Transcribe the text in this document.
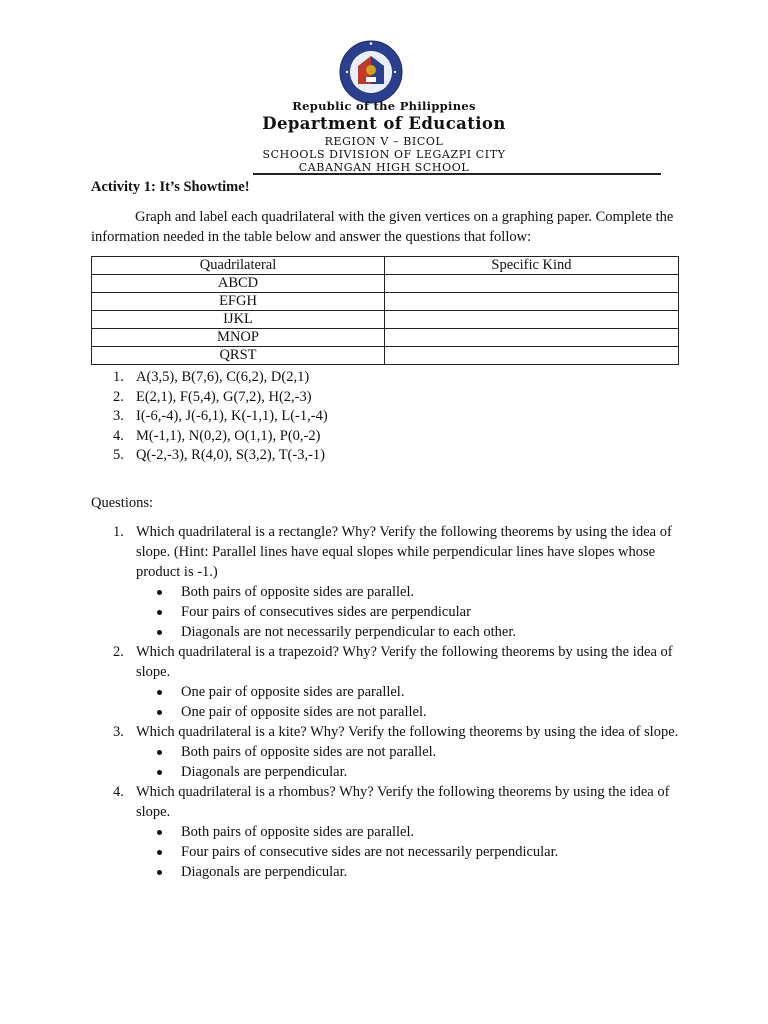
Republic of the Philippines
Department of Education
REGION V – BICOL
SCHOOLS DIVISION OF LEGAZPI CITY
CABANGAN HIGH SCHOOL
Activity 1: It’s Showtime!
Graph and label each quadrilateral with the given vertices on a graphing paper. Complete the information needed in the table below and answer the questions that follow:
Quadrilateral	Specific Kind
ABCD	
EFGH	
IJKL	
MNOP	
QRST	
1. A(3,5), B(7,6), C(6,2), D(2,1)
2. E(2,1), F(5,4), G(7,2), H(2,-3)
3. I(-6,-4), J(-6,1), K(-1,1), L(-1,-4)
4. M(-1,1), N(0,2), O(1,1), P(0,-2)
5. Q(-2,-3), R(4,0), S(3,2), T(-3,-1)
Questions:
1. Which quadrilateral is a rectangle? Why? Verify the following theorems by using the idea of slope. (Hint: Parallel lines have equal slopes while perpendicular lines have slopes whose product is -1.)
Both pairs of opposite sides are parallel.
Four pairs of consecutives sides are perpendicular
Diagonals are not necessarily perpendicular to each other.
2. Which quadrilateral is a trapezoid? Why? Verify the following theorems by using the idea of slope.
One pair of opposite sides are parallel.
One pair of opposite sides are not parallel.
3. Which quadrilateral is a kite? Why? Verify the following theorems by using the idea of slope.
Both pairs of opposite sides are not parallel.
Diagonals are perpendicular.
4. Which quadrilateral is a rhombus? Why? Verify the following theorems by using the idea of slope.
Both pairs of opposite sides are parallel.
Four pairs of consecutive sides are not necessarily perpendicular.
Diagonals are perpendicular.
